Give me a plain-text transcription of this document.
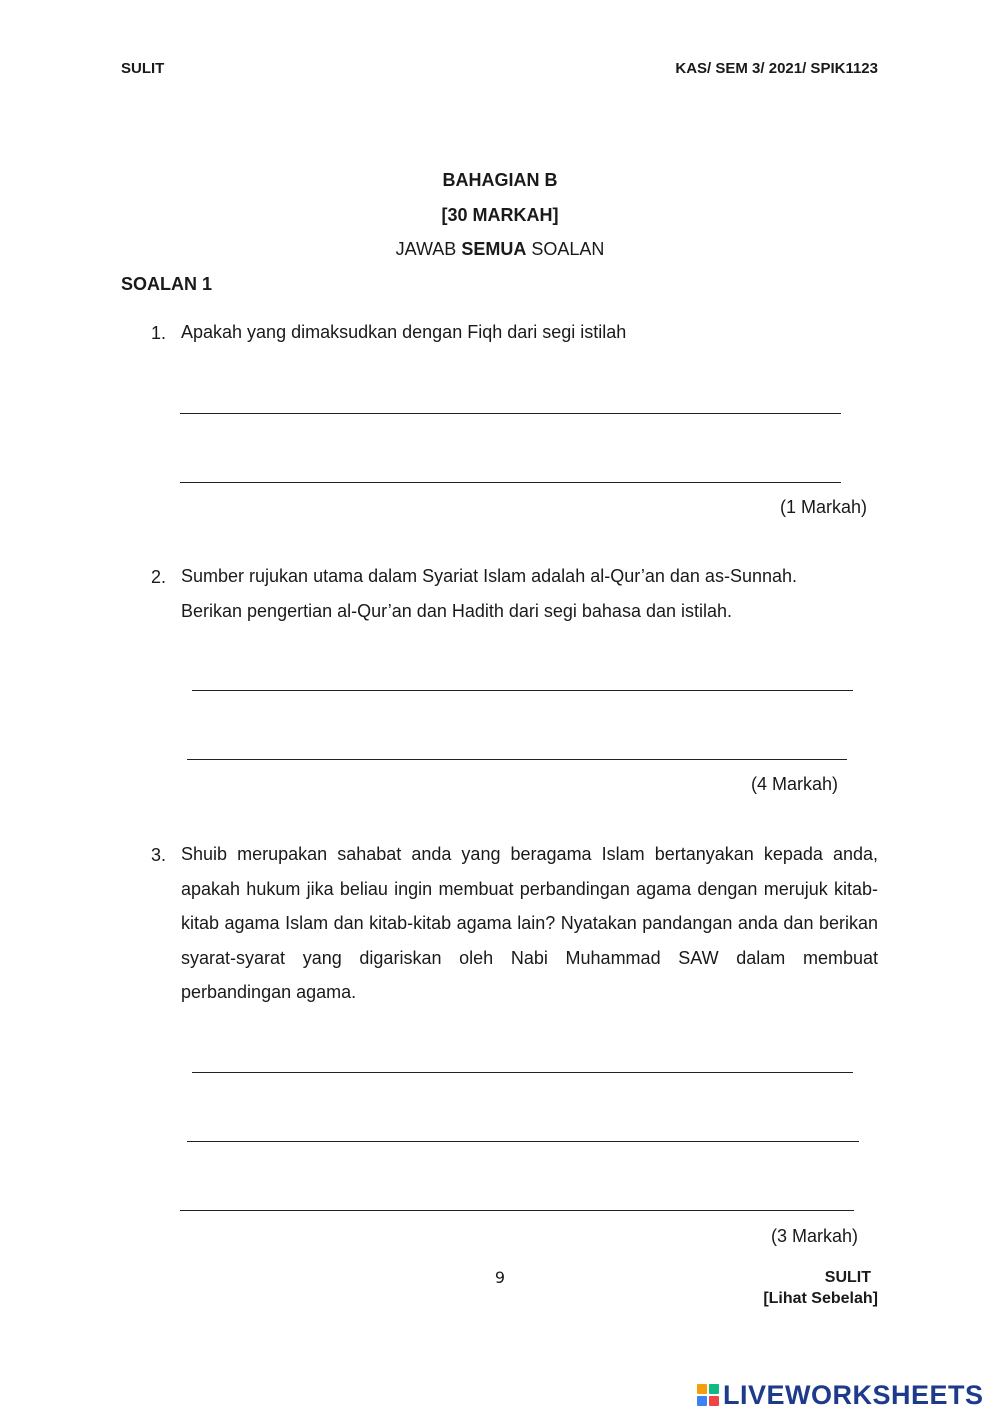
SULIT	KAS/ SEM 3/ 2021/ SPIK1123
BAHAGIAN B
[30 MARKAH]
JAWAB SEMUA SOALAN
SOALAN 1
1. Apakah yang dimaksudkan dengan Fiqh dari segi istilah
(1 Markah)
2. Sumber rujukan utama dalam Syariat Islam adalah al-Qur’an dan as-Sunnah.
Berikan pengertian al-Qur’an dan Hadith dari segi bahasa dan istilah.
(4 Markah)
3. Shuib merupakan sahabat anda yang beragama Islam bertanyakan kepada anda, apakah hukum jika beliau ingin membuat perbandingan agama dengan merujuk kitab-kitab agama Islam dan kitab-kitab agama lain? Nyatakan pandangan anda dan berikan syarat-syarat yang digariskan oleh Nabi Muhammad SAW dalam membuat perbandingan agama.
(3 Markah)
9	SULIT
[Lihat Sebelah]
LIVEWORKSHEETS
